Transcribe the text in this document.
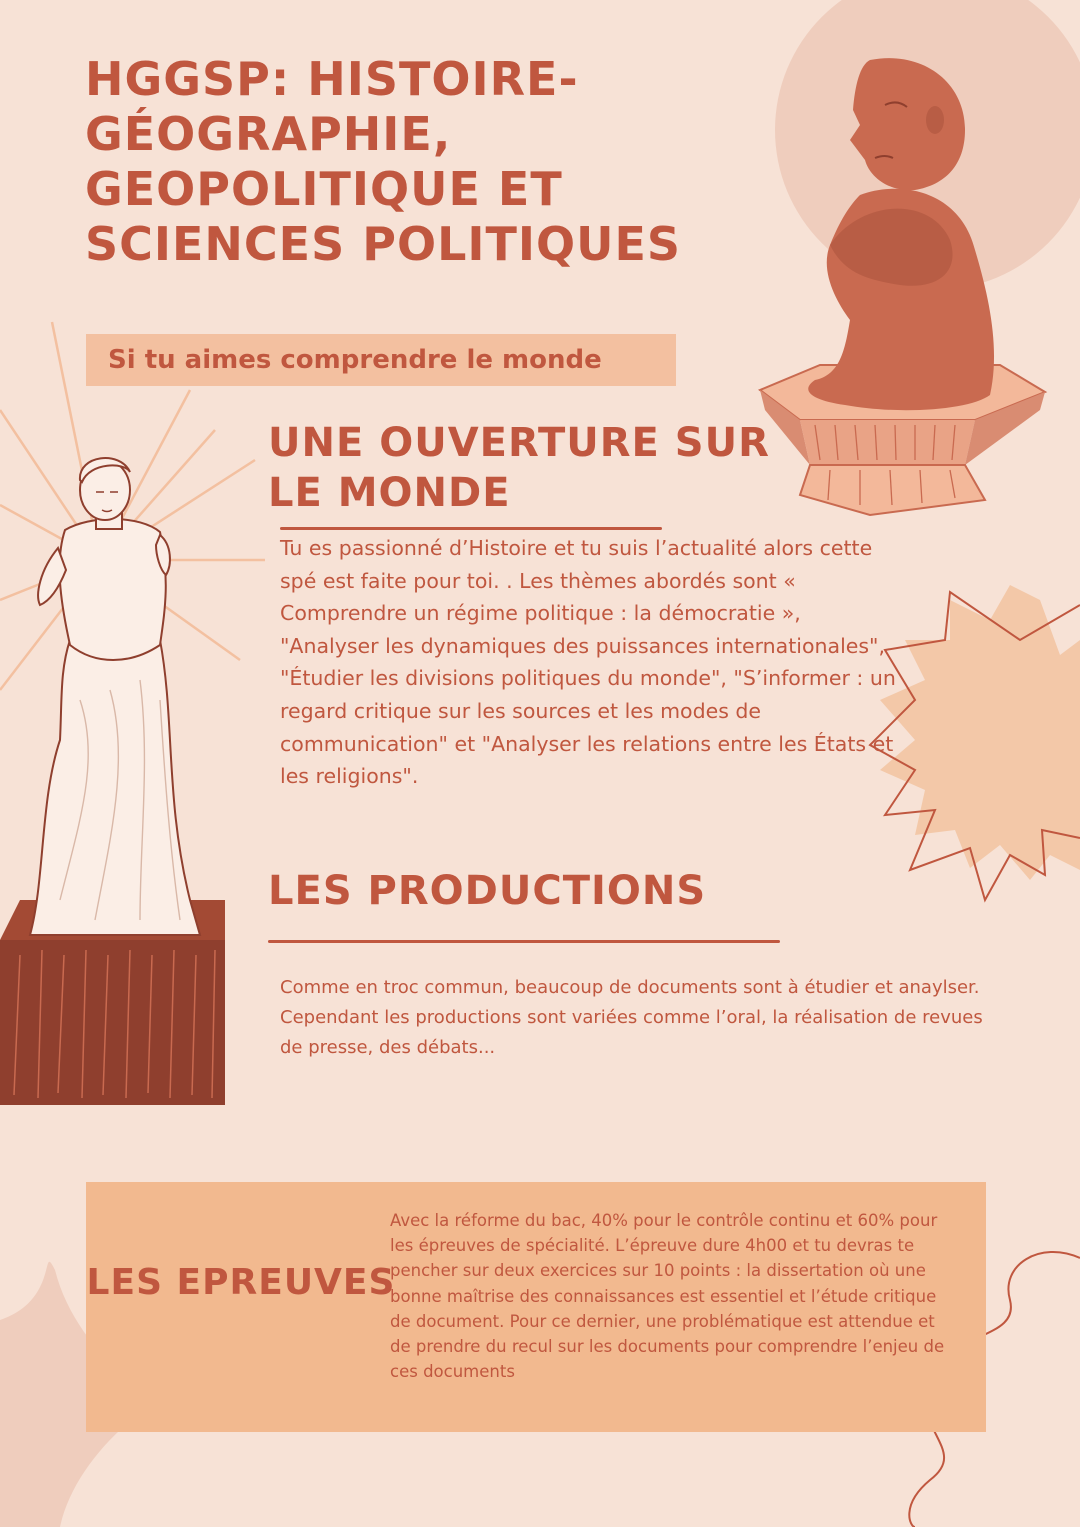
HGGSP: HISTOIRE-GÉOGRAPHIE, GEOPOLITIQUE ET SCIENCES POLITIQUES
Si tu aimes comprendre le monde
UNE OUVERTURE SUR LE MONDE

Tu es passionné d’Histoire et tu suis l’actualité alors cette spé est faite pour toi. . Les thèmes abordés sont « Comprendre un régime politique : la démocratie », "Analyser les dynamiques des puissances internationales", "Étudier les divisions politiques du monde", "S’informer : un regard critique sur les sources et les modes de communication" et "Analyser les relations entre les États et les religions".

LES PRODUCTIONS

Comme en troc commun, beaucoup de documents sont à étudier et anaylser. Cependant les productions sont variées comme l’oral, la réalisation de revues de presse, des débats...

LES EPREUVES

Avec la réforme du bac, 40% pour le contrôle continu et 60% pour les épreuves de spécialité. L’épreuve dure 4h00 et tu devras te pencher sur deux exercices sur 10 points : la dissertation où une bonne maîtrise des connaissances est essentiel et l’étude critique de document. Pour ce dernier, une problématique est attendue et de prendre du recul sur les documents pour comprendre l’enjeu de ces documents
